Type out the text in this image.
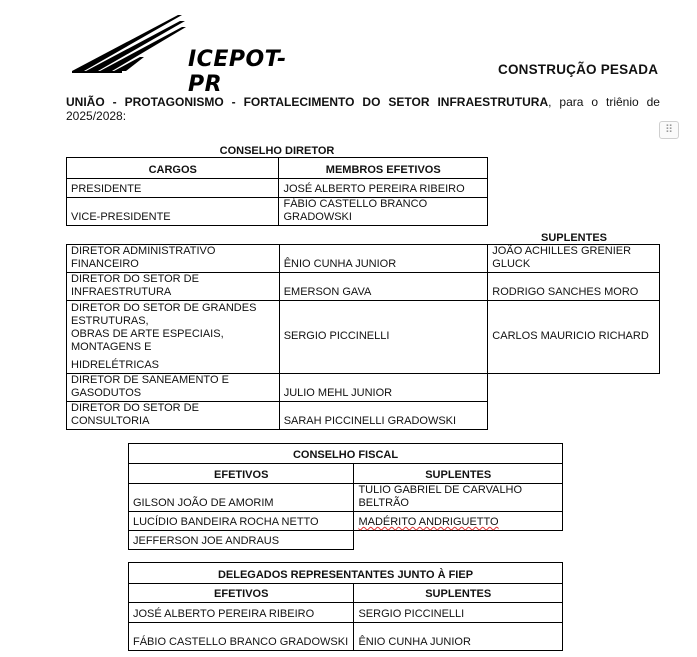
ICEPOT-PR
CONSTRUÇÃO PESADA
UNIÃO - PROTAGONISMO - FORTALECIMENTO DO SETOR INFRAESTRUTURA, para o triênio de 2025/2028:
⠿
CONSELHO DIRETOR
CARGOS	MEMBROS EFETIVOS
PRESIDENTE	JOSÉ ALBERTO PEREIRA RIBEIRO
VICE-PRESIDENTE	FÁBIO CASTELLO BRANCO GRADOWSKI
SUPLENTES
DIRETOR ADMINISTRATIVO FINANCEIRO	ÊNIO CUNHA JUNIOR	JOÃO ACHILLES GRENIER GLUCK
DIRETOR DO SETOR DE INFRAESTRUTURA	EMERSON GAVA	RODRIGO SANCHES MORO

DIRETOR DO SETOR DE GRANDES ESTRUTURAS,
OBRAS DE ARTE ESPECIAIS, MONTAGENS E
HIDRELÉTRICAS	SERGIO PICCINELLI	CARLOS MAURICIO RICHARD
DIRETOR DE SANEAMENTO E GASODUTOS	JULIO MEHL JUNIOR	
DIRETOR DO SETOR DE CONSULTORIA	SARAH PICCINELLI GRADOWSKI	
CONSELHO FISCAL	
EFETIVOS	SUPLENTES
GILSON JOÃO DE AMORIM	TULIO GABRIEL DE CARVALHO BELTRÃO
LUCÍDIO BANDEIRA ROCHA NETTO	MADÉRITO ANDRIGUETTO
JEFFERSON JOE ANDRAUS	
DELEGADOS REPRESENTANTES JUNTO À FIEP	
EFETIVOS	SUPLENTES
JOSÉ ALBERTO PEREIRA RIBEIRO	SERGIO PICCINELLI
FÁBIO CASTELLO BRANCO GRADOWSKI	ÊNIO CUNHA JUNIOR
